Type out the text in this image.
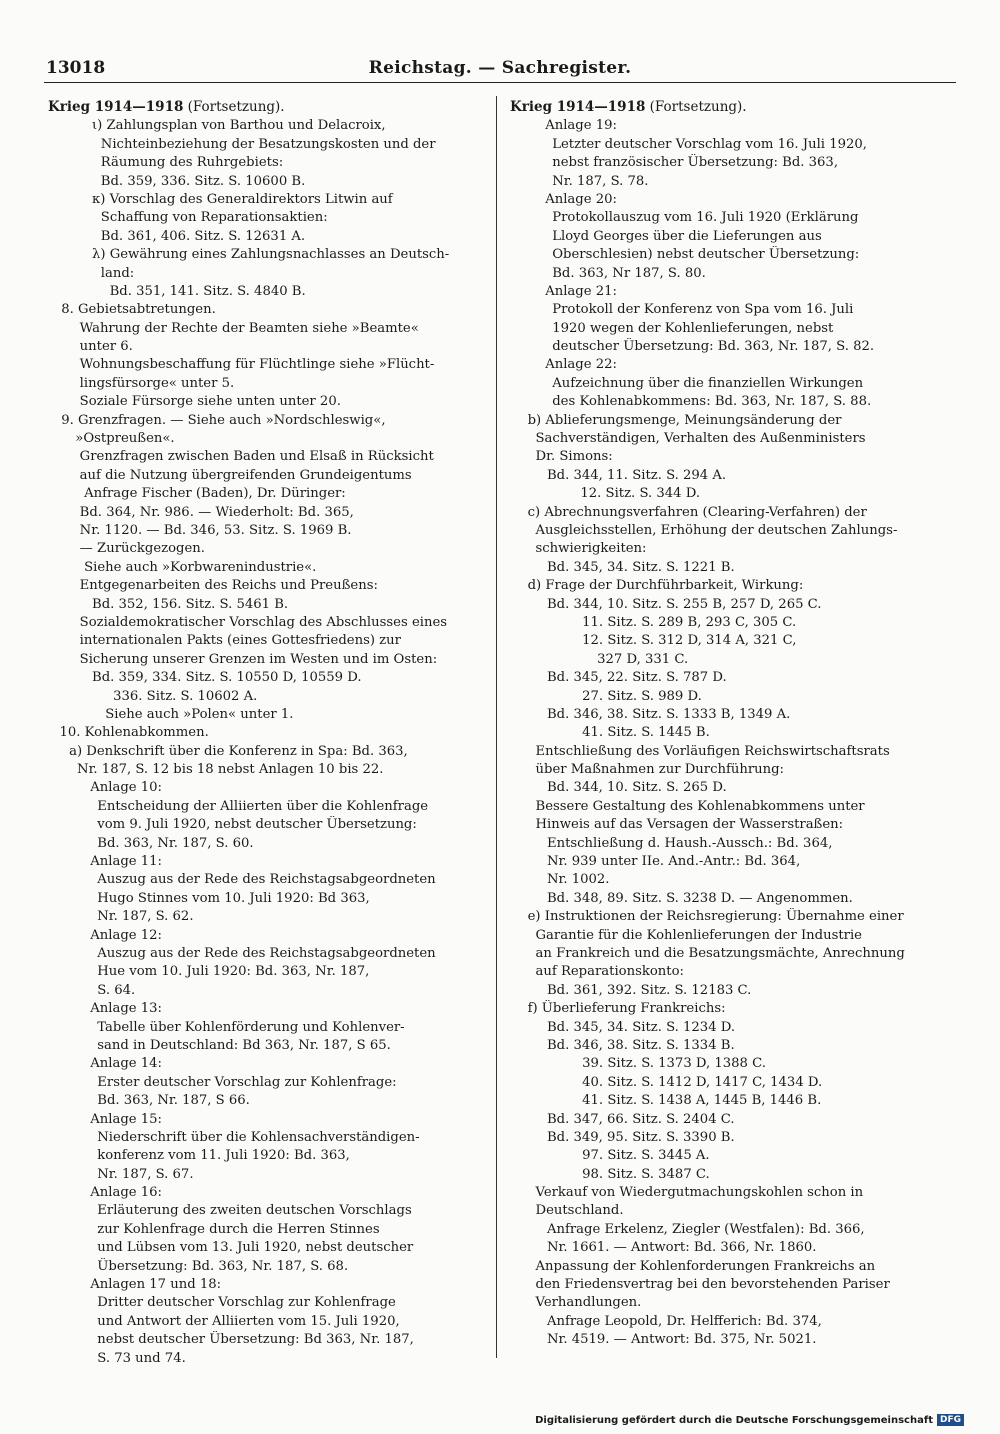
13018	Reichstag. — Sachregister.
Krieg 1914—1918 (Fortsetzung).
ι) Zahlungsplan von Barthou und Delacroix,
Nichteinbeziehung der Besatzungskosten und der
Räumung des Ruhrgebiets:
Bd. 359, 336. Sitz. S. 10600 B.
κ) Vorschlag des Generaldirektors Litwin auf
Schaffung von Reparationsaktien:
Bd. 361, 406. Sitz. S. 12631 A.
λ) Gewährung eines Zahlungsnachlasses an Deutsch-
land:
Bd. 351, 141. Sitz. S. 4840 B.
8. Gebietsabtretungen.
Wahrung der Rechte der Beamten siehe »Beamte«
unter 6.
Wohnungsbeschaffung für Flüchtlinge siehe »Flücht-
lingsfürsorge« unter 5.
Soziale Fürsorge siehe unten unter 20.
9. Grenzfragen. — Siehe auch »Nordschleswig«,
»Ostpreußen«.
Grenzfragen zwischen Baden und Elsaß in Rücksicht
auf die Nutzung übergreifenden Grundeigentums
Anfrage Fischer (Baden), Dr. Düringer:
Bd. 364, Nr. 986. — Wiederholt: Bd. 365,
Nr. 1120. — Bd. 346, 53. Sitz. S. 1969 B.
— Zurückgezogen.
Siehe auch »Korbwarenindustrie«.
Entgegenarbeiten des Reichs und Preußens:
Bd. 352, 156. Sitz. S. 5461 B.
Sozialdemokratischer Vorschlag des Abschlusses eines
internationalen Pakts (eines Gottesfriedens) zur
Sicherung unserer Grenzen im Westen und im Osten:
Bd. 359, 334. Sitz. S. 10550 D, 10559 D.
336. Sitz. S. 10602 A.
Siehe auch »Polen« unter 1.
10. Kohlenabkommen.
a) Denkschrift über die Konferenz in Spa: Bd. 363,
Nr. 187, S. 12 bis 18 nebst Anlagen 10 bis 22.
Anlage 10:
Entscheidung der Alliierten über die Kohlenfrage
vom 9. Juli 1920, nebst deutscher Übersetzung:
Bd. 363, Nr. 187, S. 60.
Anlage 11:
Auszug aus der Rede des Reichstagsabgeordneten
Hugo Stinnes vom 10. Juli 1920: Bd 363,
Nr. 187, S. 62.
Anlage 12:
Auszug aus der Rede des Reichstagsabgeordneten
Hue vom 10. Juli 1920: Bd. 363, Nr. 187,
S. 64.
Anlage 13:
Tabelle über Kohlenförderung und Kohlenver-
sand in Deutschland: Bd 363, Nr. 187, S 65.
Anlage 14:
Erster deutscher Vorschlag zur Kohlenfrage:
Bd. 363, Nr. 187, S 66.
Anlage 15:
Niederschrift über die Kohlensachverständigen-
konferenz vom 11. Juli 1920: Bd. 363,
Nr. 187, S. 67.
Anlage 16:
Erläuterung des zweiten deutschen Vorschlags
zur Kohlenfrage durch die Herren Stinnes
und Lübsen vom 13. Juli 1920, nebst deutscher
Übersetzung: Bd. 363, Nr. 187, S. 68.
Anlagen 17 und 18:
Dritter deutscher Vorschlag zur Kohlenfrage
und Antwort der Alliierten vom 15. Juli 1920,
nebst deutscher Übersetzung: Bd 363, Nr. 187,
S. 73 und 74.
Krieg 1914—1918 (Fortsetzung).
Anlage 19:
Letzter deutscher Vorschlag vom 16. Juli 1920,
nebst französischer Übersetzung: Bd. 363,
Nr. 187, S. 78.
Anlage 20:
Protokollauszug vom 16. Juli 1920 (Erklärung
Lloyd Georges über die Lieferungen aus
Oberschlesien) nebst deutscher Übersetzung:
Bd. 363, Nr 187, S. 80.
Anlage 21:
Protokoll der Konferenz von Spa vom 16. Juli
1920 wegen der Kohlenlieferungen, nebst
deutscher Übersetzung: Bd. 363, Nr. 187, S. 82.
Anlage 22:
Aufzeichnung über die finanziellen Wirkungen
des Kohlenabkommens: Bd. 363, Nr. 187, S. 88.
b) Ablieferungsmenge, Meinungsänderung der
Sachverständigen, Verhalten des Außenministers
Dr. Simons:
Bd. 344, 11. Sitz. S. 294 A.
12. Sitz. S. 344 D.
c) Abrechnungsverfahren (Clearing-Verfahren) der
Ausgleichsstellen, Erhöhung der deutschen Zahlungs-
schwierigkeiten:
Bd. 345, 34. Sitz. S. 1221 B.
d) Frage der Durchführbarkeit, Wirkung:
Bd. 344, 10. Sitz. S. 255 B, 257 D, 265 C.
11. Sitz. S. 289 B, 293 C, 305 C.
12. Sitz. S. 312 D, 314 A, 321 C,
327 D, 331 C.
Bd. 345, 22. Sitz. S. 787 D.
27. Sitz. S. 989 D.
Bd. 346, 38. Sitz. S. 1333 B, 1349 A.
41. Sitz. S. 1445 B.
Entschließung des Vorläufigen Reichswirtschaftsrats
über Maßnahmen zur Durchführung:
Bd. 344, 10. Sitz. S. 265 D.
Bessere Gestaltung des Kohlenabkommens unter
Hinweis auf das Versagen der Wasserstraßen:
Entschließung d. Haush.-Aussch.: Bd. 364,
Nr. 939 unter IIe. And.-Antr.: Bd. 364,
Nr. 1002.
Bd. 348, 89. Sitz. S. 3238 D. — Angenommen.
e) Instruktionen der Reichsregierung: Übernahme einer
Garantie für die Kohlenlieferungen der Industrie
an Frankreich und die Besatzungsmächte, Anrechnung
auf Reparationskonto:
Bd. 361, 392. Sitz. S. 12183 C.
f) Überlieferung Frankreichs:
Bd. 345, 34. Sitz. S. 1234 D.
Bd. 346, 38. Sitz. S. 1334 B.
39. Sitz. S. 1373 D, 1388 C.
40. Sitz. S. 1412 D, 1417 C, 1434 D.
41. Sitz. S. 1438 A, 1445 B, 1446 B.
Bd. 347, 66. Sitz. S. 2404 C.
Bd. 349, 95. Sitz. S. 3390 B.
97. Sitz. S. 3445 A.
98. Sitz. S. 3487 C.
Verkauf von Wiedergutmachungskohlen schon in
Deutschland.
Anfrage Erkelenz, Ziegler (Westfalen): Bd. 366,
Nr. 1661. — Antwort: Bd. 366, Nr. 1860.
Anpassung der Kohlenforderungen Frankreichs an
den Friedensvertrag bei den bevorstehenden Pariser
Verhandlungen.
Anfrage Leopold, Dr. Helfferich: Bd. 374,
Nr. 4519. — Antwort: Bd. 375, Nr. 5021.
Digitalisierung gefördert durch die Deutsche Forschungsgemeinschaft DFG
